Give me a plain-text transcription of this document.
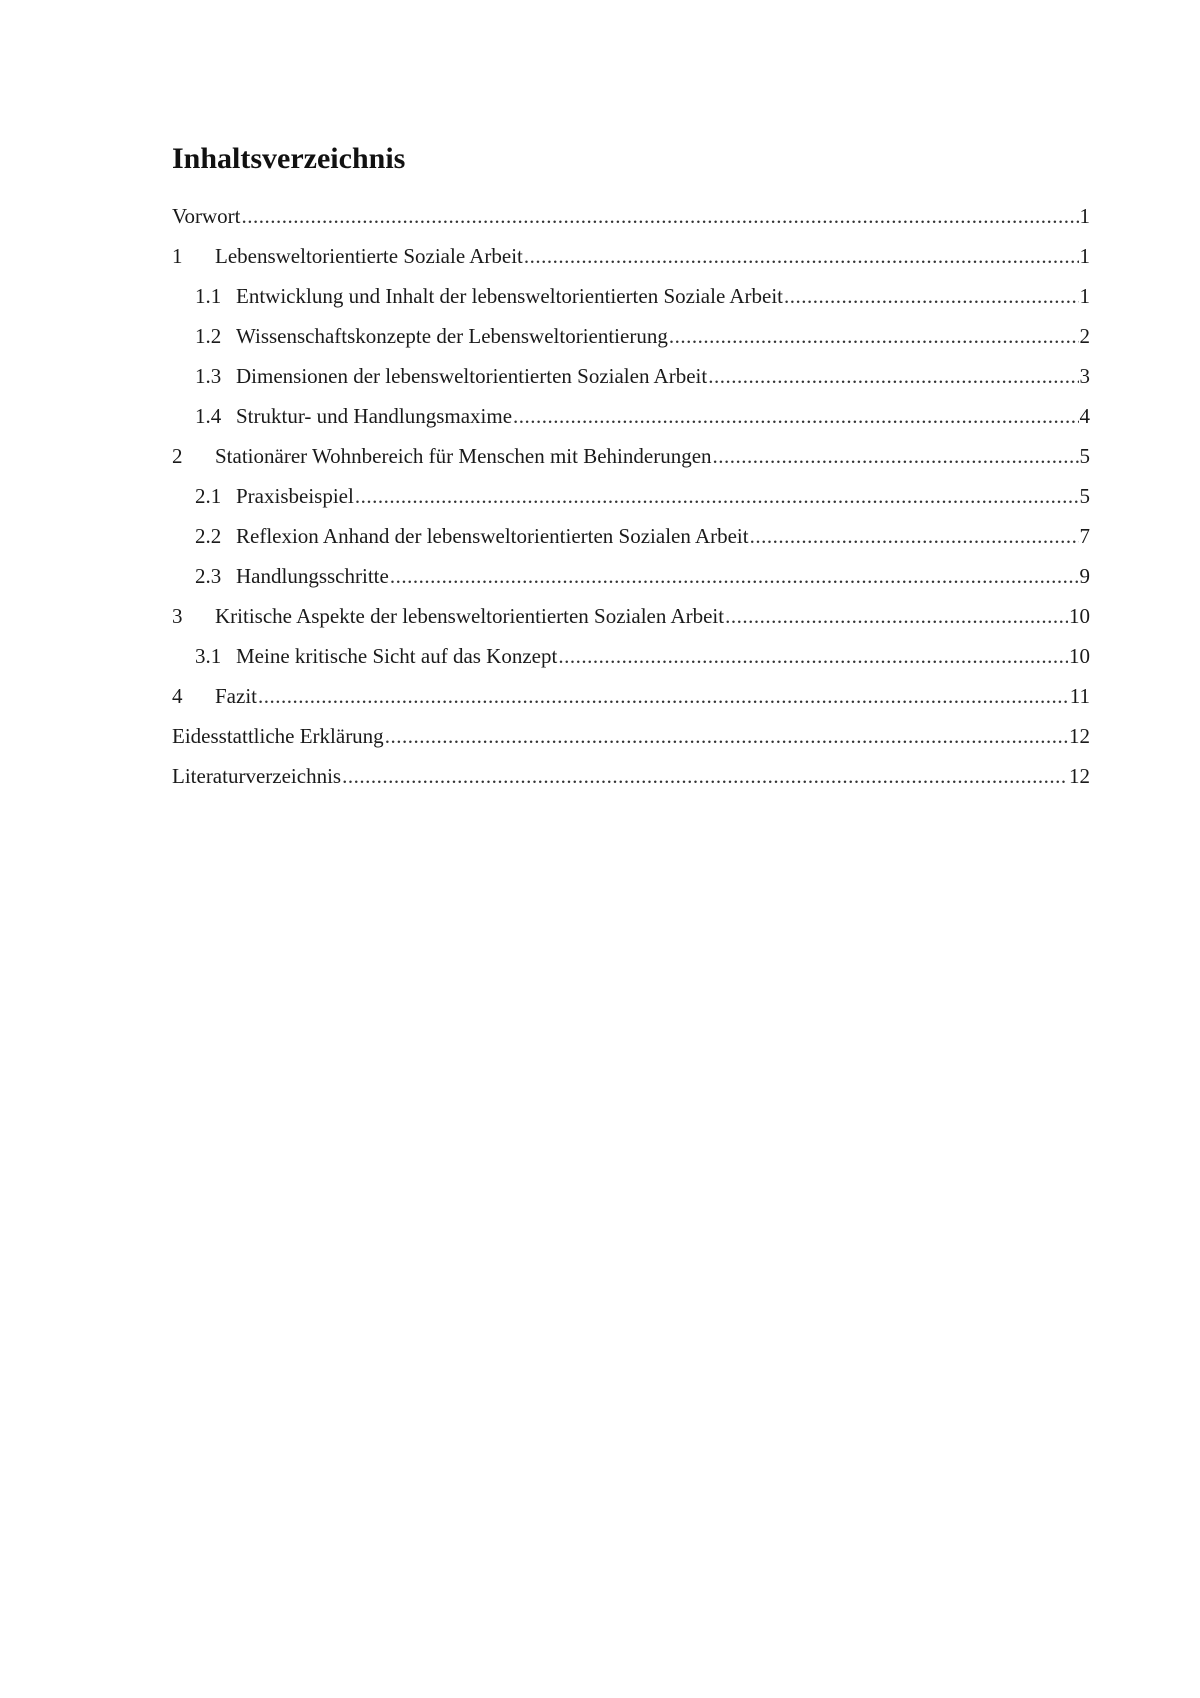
Inhaltsverzeichnis
Vorwort .....	1
1	Lebensweltorientierte Soziale Arbeit .....	1
1.1 Entwicklung und Inhalt der lebensweltorientierten Soziale Arbeit .....	1
1.2 Wissenschaftskonzepte der Lebensweltorientierung .....	2
1.3 Dimensionen der lebensweltorientierten Sozialen Arbeit .....	3
1.4 Struktur- und Handlungsmaxime .....	4
2	Stationärer Wohnbereich für Menschen mit Behinderungen .....	5
2.1 Praxisbeispiel .....	5
2.2 Reflexion Anhand der lebensweltorientierten Sozialen Arbeit .....	7
2.3 Handlungsschritte .....	9
3	Kritische Aspekte der lebensweltorientierten Sozialen Arbeit .....	10
3.1 Meine kritische Sicht auf das Konzept .....	10
4	Fazit .....	11
Eidesstattliche Erklärung .....	12
Literaturverzeichnis .....	12
